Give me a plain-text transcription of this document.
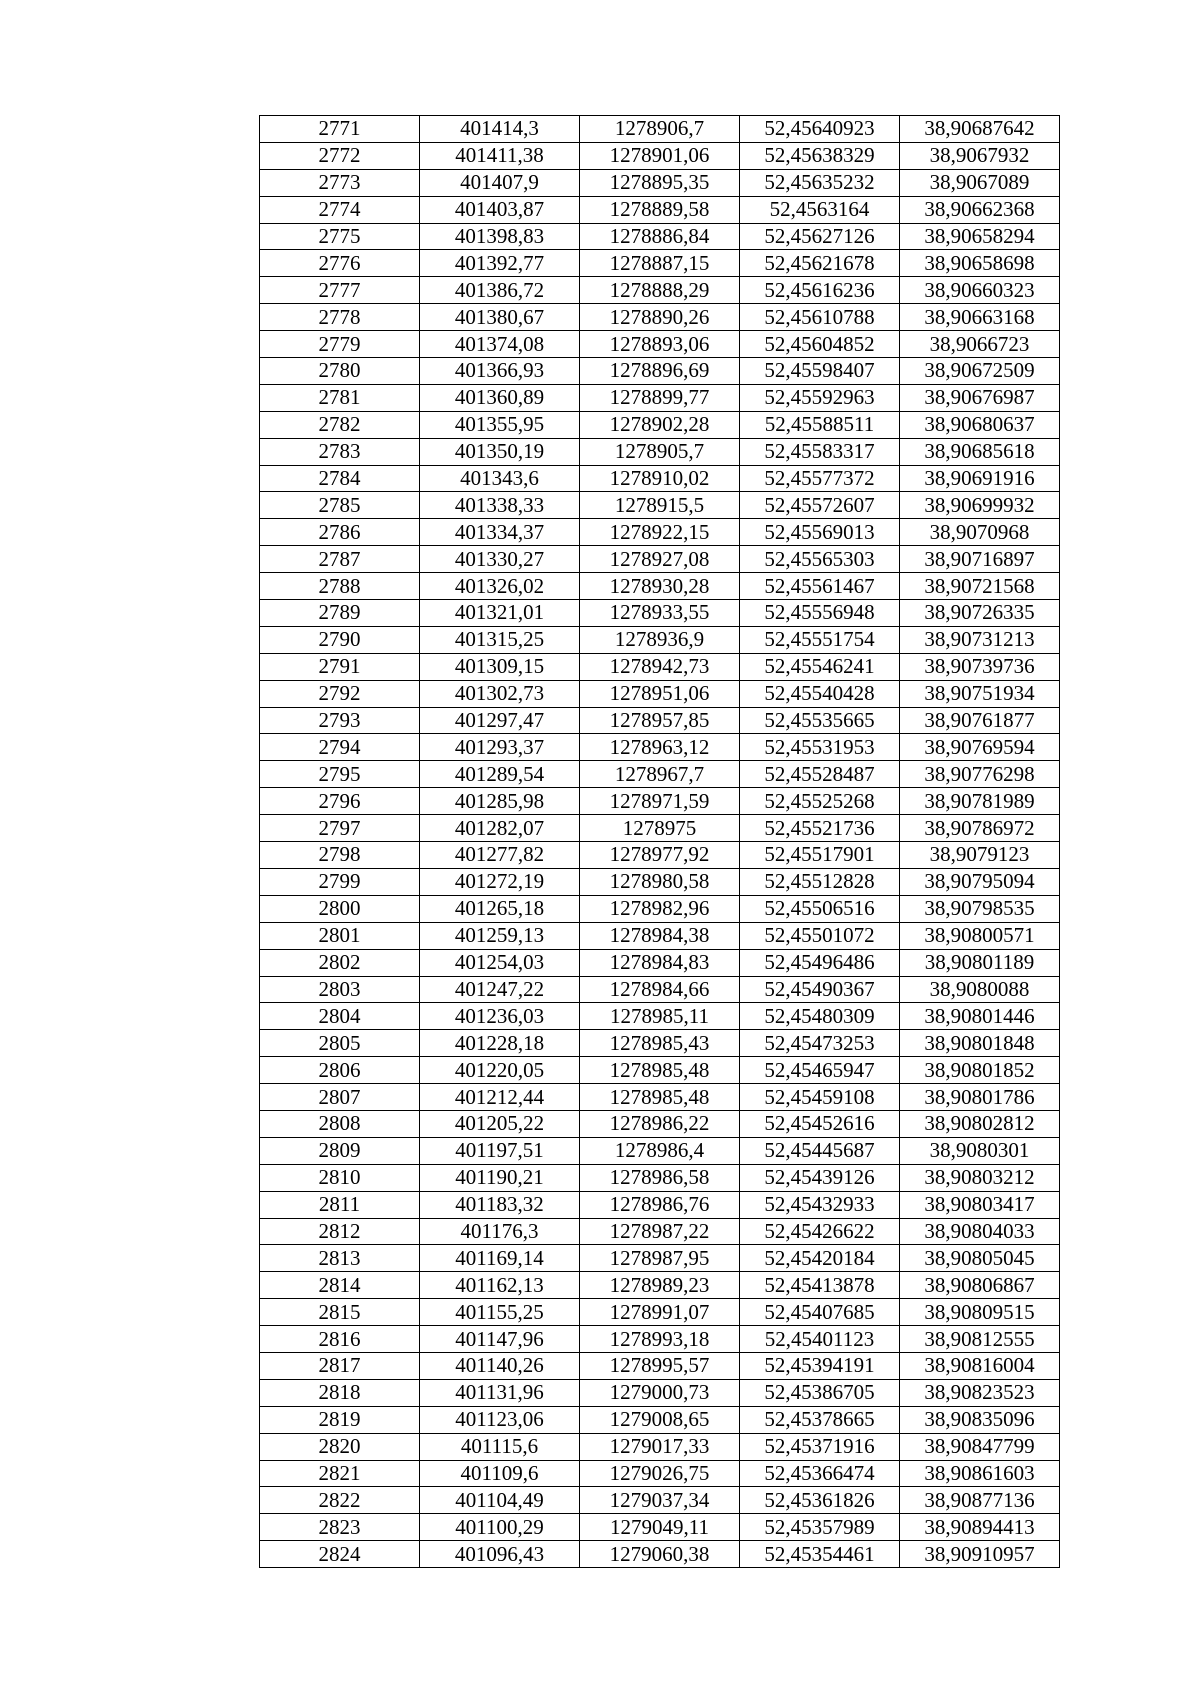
2771	401414,3	1278906,7	52,45640923	38,90687642
2772	401411,38	1278901,06	52,45638329	38,9067932
2773	401407,9	1278895,35	52,45635232	38,9067089
2774	401403,87	1278889,58	52,4563164	38,90662368
2775	401398,83	1278886,84	52,45627126	38,90658294
2776	401392,77	1278887,15	52,45621678	38,90658698
2777	401386,72	1278888,29	52,45616236	38,90660323
2778	401380,67	1278890,26	52,45610788	38,90663168
2779	401374,08	1278893,06	52,45604852	38,9066723
2780	401366,93	1278896,69	52,45598407	38,90672509
2781	401360,89	1278899,77	52,45592963	38,90676987
2782	401355,95	1278902,28	52,45588511	38,90680637
2783	401350,19	1278905,7	52,45583317	38,90685618
2784	401343,6	1278910,02	52,45577372	38,90691916
2785	401338,33	1278915,5	52,45572607	38,90699932
2786	401334,37	1278922,15	52,45569013	38,9070968
2787	401330,27	1278927,08	52,45565303	38,90716897
2788	401326,02	1278930,28	52,45561467	38,90721568
2789	401321,01	1278933,55	52,45556948	38,90726335
2790	401315,25	1278936,9	52,45551754	38,90731213
2791	401309,15	1278942,73	52,45546241	38,90739736
2792	401302,73	1278951,06	52,45540428	38,90751934
2793	401297,47	1278957,85	52,45535665	38,90761877
2794	401293,37	1278963,12	52,45531953	38,90769594
2795	401289,54	1278967,7	52,45528487	38,90776298
2796	401285,98	1278971,59	52,45525268	38,90781989
2797	401282,07	1278975	52,45521736	38,90786972
2798	401277,82	1278977,92	52,45517901	38,9079123
2799	401272,19	1278980,58	52,45512828	38,90795094
2800	401265,18	1278982,96	52,45506516	38,90798535
2801	401259,13	1278984,38	52,45501072	38,90800571
2802	401254,03	1278984,83	52,45496486	38,90801189
2803	401247,22	1278984,66	52,45490367	38,9080088
2804	401236,03	1278985,11	52,45480309	38,90801446
2805	401228,18	1278985,43	52,45473253	38,90801848
2806	401220,05	1278985,48	52,45465947	38,90801852
2807	401212,44	1278985,48	52,45459108	38,90801786
2808	401205,22	1278986,22	52,45452616	38,90802812
2809	401197,51	1278986,4	52,45445687	38,9080301
2810	401190,21	1278986,58	52,45439126	38,90803212
2811	401183,32	1278986,76	52,45432933	38,90803417
2812	401176,3	1278987,22	52,45426622	38,90804033
2813	401169,14	1278987,95	52,45420184	38,90805045
2814	401162,13	1278989,23	52,45413878	38,90806867
2815	401155,25	1278991,07	52,45407685	38,90809515
2816	401147,96	1278993,18	52,45401123	38,90812555
2817	401140,26	1278995,57	52,45394191	38,90816004
2818	401131,96	1279000,73	52,45386705	38,90823523
2819	401123,06	1279008,65	52,45378665	38,90835096
2820	401115,6	1279017,33	52,45371916	38,90847799
2821	401109,6	1279026,75	52,45366474	38,90861603
2822	401104,49	1279037,34	52,45361826	38,90877136
2823	401100,29	1279049,11	52,45357989	38,90894413
2824	401096,43	1279060,38	52,45354461	38,90910957
